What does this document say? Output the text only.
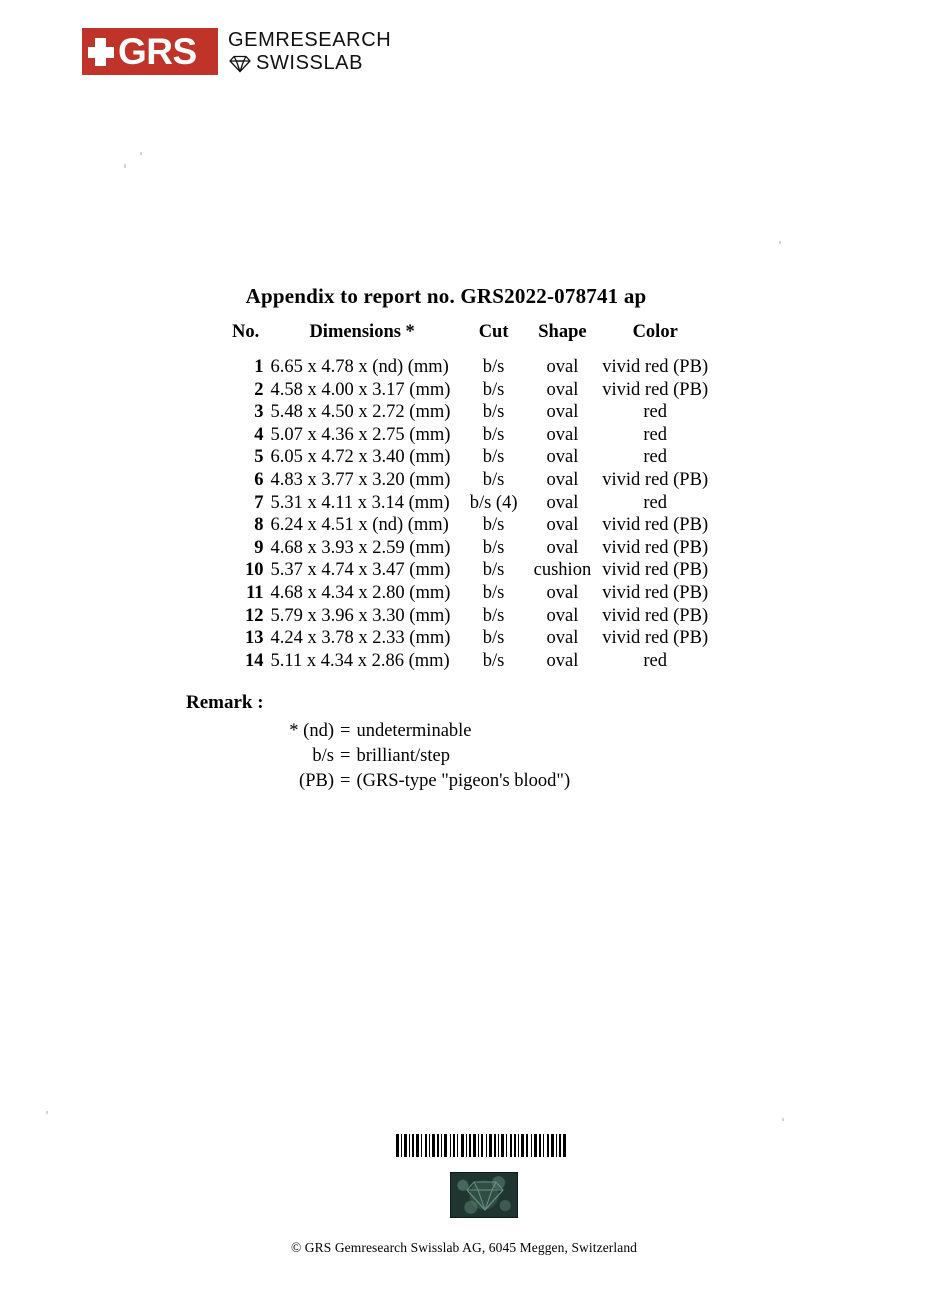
GRS GEMRESEARCH
SWISSLAB
Appendix to report no. GRS2022-078741 ap
No.	Dimensions *	Cut	Shape	Color
1	6.65 x 4.78 x (nd) (mm)	b/s	oval	vivid red (PB)
2	4.58 x 4.00 x 3.17 (mm)	b/s	oval	vivid red (PB)
3	5.48 x 4.50 x 2.72 (mm)	b/s	oval	red
4	5.07 x 4.36 x 2.75 (mm)	b/s	oval	red
5	6.05 x 4.72 x 3.40 (mm)	b/s	oval	red
6	4.83 x 3.77 x 3.20 (mm)	b/s	oval	vivid red (PB)
7	5.31 x 4.11 x 3.14 (mm)	b/s (4)	oval	red
8	6.24 x 4.51 x (nd) (mm)	b/s	oval	vivid red (PB)
9	4.68 x 3.93 x 2.59 (mm)	b/s	oval	vivid red (PB)
10	5.37 x 4.74 x 3.47 (mm)	b/s	cushion	vivid red (PB)
11	4.68 x 4.34 x 2.80 (mm)	b/s	oval	vivid red (PB)
12	5.79 x 3.96 x 3.30 (mm)	b/s	oval	vivid red (PB)
13	4.24 x 3.78 x 2.33 (mm)	b/s	oval	vivid red (PB)
14	5.11 x 4.34 x 2.86 (mm)	b/s	oval	red
Remark :
* (nd) = undeterminable
b/s = brilliant/step
(PB) = (GRS-type "pigeon's blood")
© GRS Gemresearch Swisslab AG, 6045 Meggen, Switzerland
